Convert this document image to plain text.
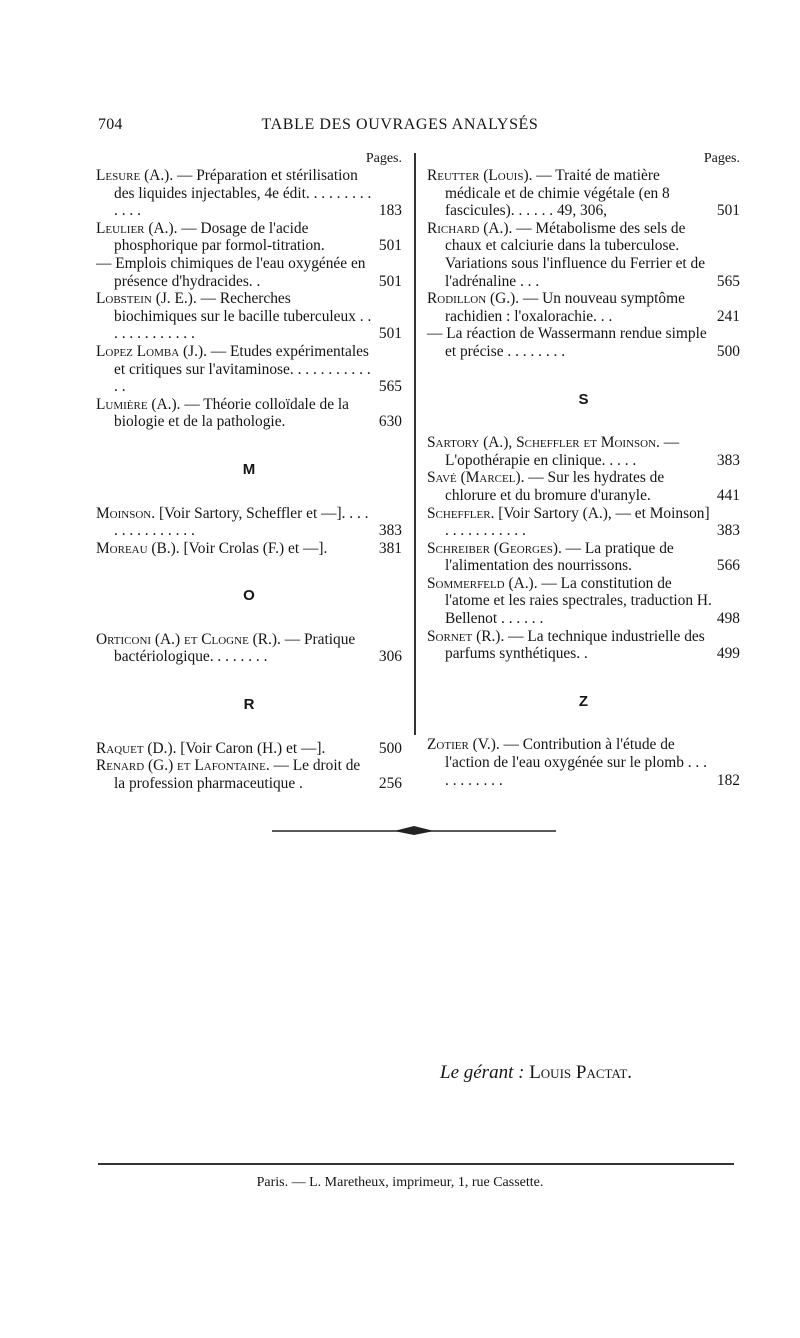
704	TABLE DES OUVRAGES ANALYSÉS
Pages.
Lesure (A.). — Préparation et stérilisation des liquides injectables, 4e édit. . . . . . . . . . . . .	183
Leulier (A.). — Dosage de l'acide phosphorique par formol-titration.	501
— Emplois chimiques de l'eau oxygénée en présence d'hydracides. .	501
Lobstein (J. E.). — Recherches biochimiques sur le bacille tuberculeux . . . . . . . . . . . . .	501
Lopez Lomba (J.). — Etudes expérimentales et critiques sur l'avitaminose. . . . . . . . . . . . .	565
Lumière (A.). — Théorie colloïdale de la biologie et de la pathologie.	630
M
Moinson. [Voir Sartory, Scheffler et —]. . . . . . . . . . . . . . .	383
Moreau (B.). [Voir Crolas (F.) et —].	381
O
Orticoni (A.) et Clogne (R.). — Pratique bactériologique. . . . . . . .	306
R
Raquet (D.). [Voir Caron (H.) et —].	500
Renard (G.) et Lafontaine. — Le droit de la profession pharmaceutique .	256
Pages.
Reutter (Louis). — Traité de matière médicale et de chimie végétale (en 8 fascicules). . . . . . 49, 306,	501
Richard (A.). — Métabolisme des sels de chaux et calciurie dans la tuberculose. Variations sous l'influence du Ferrier et de l'adrénaline . . .	565
Rodillon (G.). — Un nouveau symptôme rachidien : l'oxalorachie. . .	241
— La réaction de Wassermann rendue simple et précise . . . . . . . .	500
S
Sartory (A.), Scheffler et Moinson. — L'opothérapie en clinique. . . . .	383
Savé (Marcel). — Sur les hydrates de chlorure et du bromure d'uranyle.	441
Scheffler. [Voir Sartory (A.), — et Moinson] . . . . . . . . . . .	383
Schreiber (Georges). — La pratique de l'alimentation des nourrissons.	566
Sommerfeld (A.). — La constitution de l'atome et les raies spectrales, traduction H. Bellenot . . . . . .	498
Sornet (R.). — La technique industrielle des parfums synthétiques. .	499
Z
Zotier (V.). — Contribution à l'étude de l'action de l'eau oxygénée sur le plomb . . . . . . . . . . .	182
Le gérant : Louis Pactat.
Paris. — L. Maretheux, imprimeur, 1, rue Cassette.
